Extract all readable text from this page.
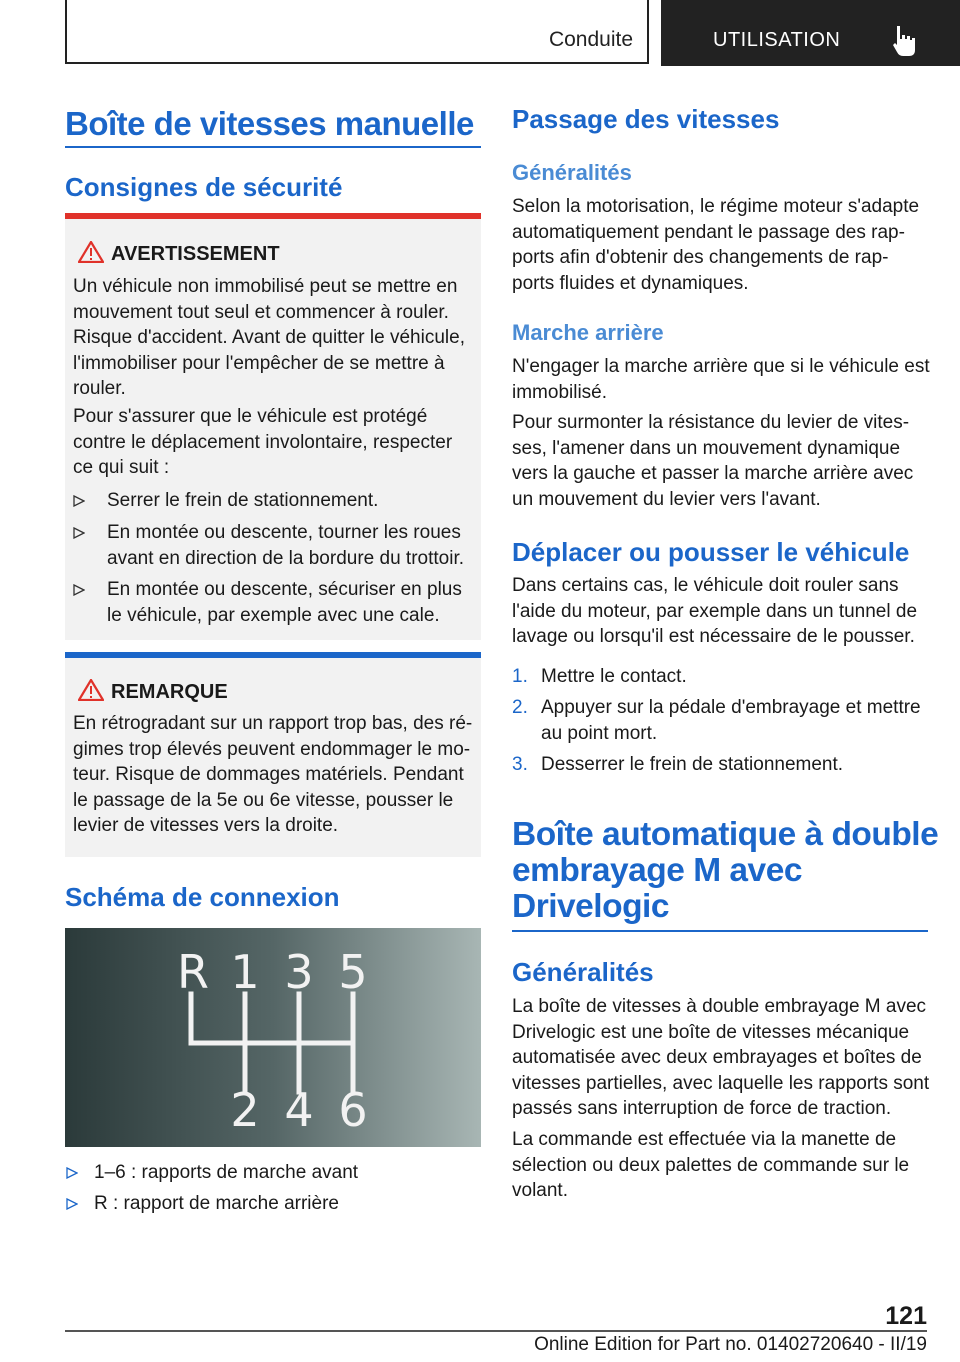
Conduite	UTILISATION
Boîte de vitesses manuelle
Consignes de sécurité
AVERTISSEMENT
Un véhicule non immobilisé peut se mettre en
mouvement tout seul et commencer à rouler.
Risque d'accident. Avant de quitter le véhicule,
l'immobiliser pour l'empêcher de se mettre à
rouler.
Pour s'assurer que le véhicule est protégé
contre le déplacement involontaire, respecter
ce qui suit :
Serrer le frein de stationnement.
En montée ou descente, tourner les roues
avant en direction de la bordure du trottoir.
En montée ou descente, sécuriser en plus
le véhicule, par exemple avec une cale.
REMARQUE
En rétrogradant sur un rapport trop bas, des ré-
gimes trop élevés peuvent endommager le mo-
teur. Risque de dommages matériels. Pendant
le passage de la 5e ou 6e vitesse, pousser le
levier de vitesses vers la droite.
Schéma de connexion
R 1 3 5
2 4 6
1–6 : rapports de marche avant
R : rapport de marche arrière
Passage des vitesses
Généralités
Selon la motorisation, le régime moteur s'adapte
automatiquement pendant le passage des rap-
ports afin d'obtenir des changements de rap-
ports fluides et dynamiques.
Marche arrière
N'engager la marche arrière que si le véhicule est
immobilisé.
Pour surmonter la résistance du levier de vites-
ses, l'amener dans un mouvement dynamique
vers la gauche et passer la marche arrière avec
un mouvement du levier vers l'avant.
Déplacer ou pousser le véhicule
Dans certains cas, le véhicule doit rouler sans
l'aide du moteur, par exemple dans un tunnel de
lavage ou lorsqu'il est nécessaire de le pousser.
1. Mettre le contact.
2. Appuyer sur la pédale d'embrayage et mettre
au point mort.
3. Desserrer le frein de stationnement.
Boîte automatique à double
embrayage M avec
Drivelogic
Généralités
La boîte de vitesses à double embrayage M avec
Drivelogic est une boîte de vitesses mécanique
automatisée avec deux embrayages et boîtes de
vitesses partielles, avec laquelle les rapports sont
passés sans interruption de force de traction.
La commande est effectuée via la manette de
sélection ou deux palettes de commande sur le
volant.
121
Online Edition for Part no. 01402720640 - II/19
